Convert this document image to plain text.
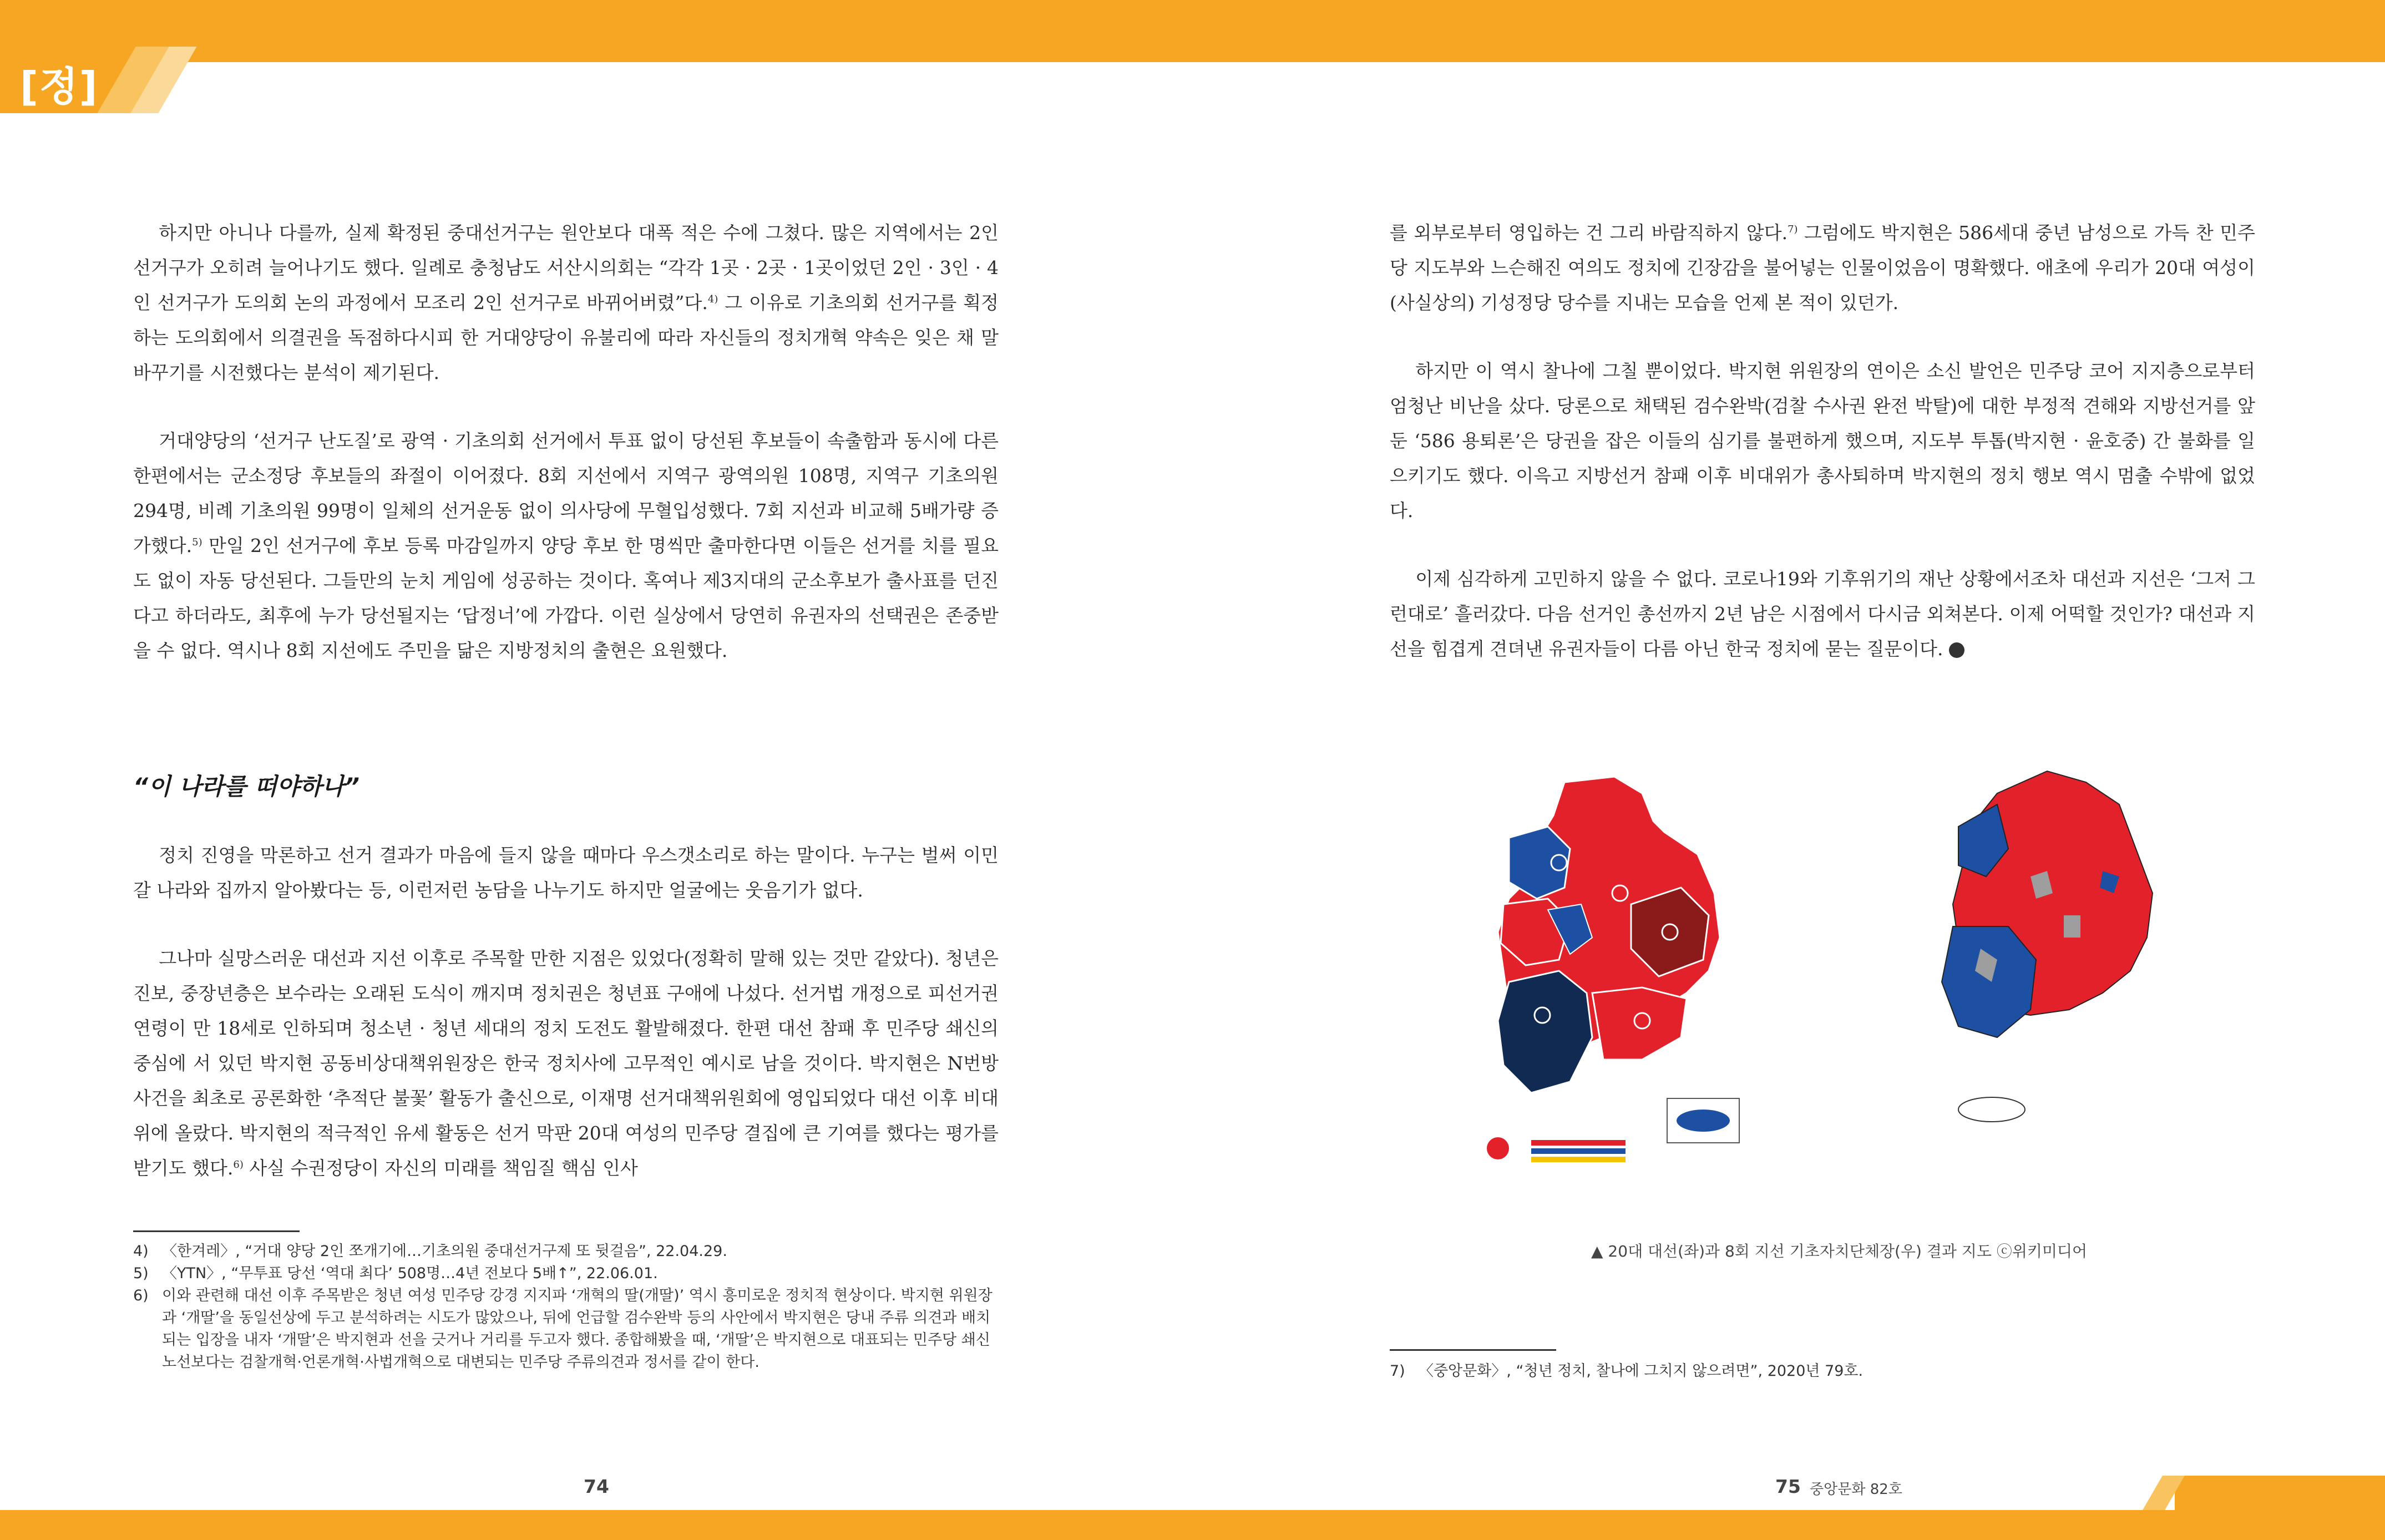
[정]

하지만 아니나 다를까, 실제 확정된 중대선거구는 원안보다 대폭 적은 수에 그쳤다. 많은 지역에서는 2인 선거구가 오히려 늘어나기도 했다. 일례로 충청남도 서산시의회는 “각각 1곳 · 2곳 · 1곳이었던 2인 · 3인 · 4인 선거구가 도의회 논의 과정에서 모조리 2인 선거구로 바뀌어버렸”다.$^{4)}$ 그 이유로 기초의회 선거구를 획정하는 도의회에서 의결권을 독점하다시피 한 거대양당이 유불리에 따라 자신들의 정치개혁 약속은 잊은 채 말 바꾸기를 시전했다는 분석이 제기된다.

거대양당의 ‘선거구 난도질’로 광역 · 기초의회 선거에서 투표 없이 당선된 후보들이 속출함과 동시에 다른 한편에서는 군소정당 후보들의 좌절이 이어졌다. 8회 지선에서 지역구 광역의원 108명, 지역구 기초의원 294명, 비례 기초의원 99명이 일체의 선거운동 없이 의사당에 무혈입성했다. 7회 지선과 비교해 5배가량 증가했다.$^{5)}$ 만일 2인 선거구에 후보 등록 마감일까지 양당 후보 한 명씩만 출마한다면 이들은 선거를 치를 필요도 없이 자동 당선된다. 그들만의 눈치 게임에 성공하는 것이다. 혹여나 제3지대의 군소후보가 출사표를 던진다고 하더라도, 최후에 누가 당선될지는 ‘답정너’에 가깝다. 이런 실상에서 당연히 유권자의 선택권은 존중받을 수 없다. 역시나 8회 지선에도 주민을 닮은 지방정치의 출현은 요원했다.

“이 나라를 떠야하나”

정치 진영을 막론하고 선거 결과가 마음에 들지 않을 때마다 우스갯소리로 하는 말이다. 누구는 벌써 이민 갈 나라와 집까지 알아봤다는 등, 이런저런 농담을 나누기도 하지만 얼굴에는 웃음기가 없다.

그나마 실망스러운 대선과 지선 이후로 주목할 만한 지점은 있었다(정확히 말해 있는 것만 같았다). 청년은 진보, 중장년층은 보수라는 오래된 도식이 깨지며 정치권은 청년표 구애에 나섰다. 선거법 개정으로 피선거권 연령이 만 18세로 인하되며 청소년 · 청년 세대의 정치 도전도 활발해졌다. 한편 대선 참패 후 민주당 쇄신의 중심에 서 있던 박지현 공동비상대책위원장은 한국 정치사에 고무적인 예시로 남을 것이다. 박지현은 N번방 사건을 최초로 공론화한 ‘추적단 불꽃’ 활동가 출신으로, 이재명 선거대책위원회에 영입되었다 대선 이후 비대위에 올랐다. 박지현의 적극적인 유세 활동은 선거 막판 20대 여성의 민주당 결집에 큰 기여를 했다는 평가를 받기도 했다.$^{6)}$ 사실 수권정당이 자신의 미래를 책임질 핵심 인사

4) 〈한겨레〉, “거대 양당 2인 쪼개기에…기초의원 중대선거구제 또 뒷걸음”, 22.04.29.
5) 〈YTN〉, “무투표 당선 ‘역대 최다’ 508명…4년 전보다 5배↑”, 22.06.01.
6) 이와 관련해 대선 이후 주목받은 청년 여성 민주당 강경 지지파 ‘개혁의 딸(개딸)’ 역시 흥미로운 정치적 현상이다. 박지현 위원장과 ‘개딸’을 동일선상에 두고 분석하려는 시도가 많았으나, 뒤에 언급할 검수완박 등의 사안에서 박지현은 당내 주류 의견과 배치되는 입장을 내자 ‘개딸’은 박지현과 선을 긋거나 거리를 두고자 했다. 종합해봤을 때, ‘개딸’은 박지현으로 대표되는 민주당 쇄신 노선보다는 검찰개혁·언론개혁·사법개혁으로 대변되는 민주당 주류의견과 정서를 같이 한다.
74

를 외부로부터 영입하는 건 그리 바람직하지 않다.$^{7)}$ 그럼에도 박지현은 586세대 중년 남성으로 가득 찬 민주당 지도부와 느슨해진 여의도 정치에 긴장감을 불어넣는 인물이었음이 명확했다. 애초에 우리가 20대 여성이 (사실상의) 기성정당 당수를 지내는 모습을 언제 본 적이 있던가.

하지만 이 역시 찰나에 그칠 뿐이었다. 박지현 위원장의 연이은 소신 발언은 민주당 코어 지지층으로부터 엄청난 비난을 샀다. 당론으로 채택된 검수완박(검찰 수사권 완전 박탈)에 대한 부정적 견해와 지방선거를 앞둔 ‘586 용퇴론’은 당권을 잡은 이들의 심기를 불편하게 했으며, 지도부 투톱(박지현 · 윤호중) 간 불화를 일으키기도 했다. 이윽고 지방선거 참패 이후 비대위가 총사퇴하며 박지현의 정치 행보 역시 멈출 수밖에 없었다.

이제 심각하게 고민하지 않을 수 없다. 코로나19와 기후위기의 재난 상황에서조차 대선과 지선은 ‘그저 그런대로’ 흘러갔다. 다음 선거인 총선까지 2년 남은 시점에서 다시금 외쳐본다. 이제 어떡할 것인가? 대선과 지선을 힘겹게 견뎌낸 유권자들이 다름 아닌 한국 정치에 묻는 질문이다.

▲ 20대 대선(좌)과 8회 지선 기초자치단체장(우) 결과 지도 ⓒ위키미디어
7) 〈중앙문화〉, “청년 정치, 찰나에 그치지 않으려면”, 2020년 79호.
75 중앙문화 82호
